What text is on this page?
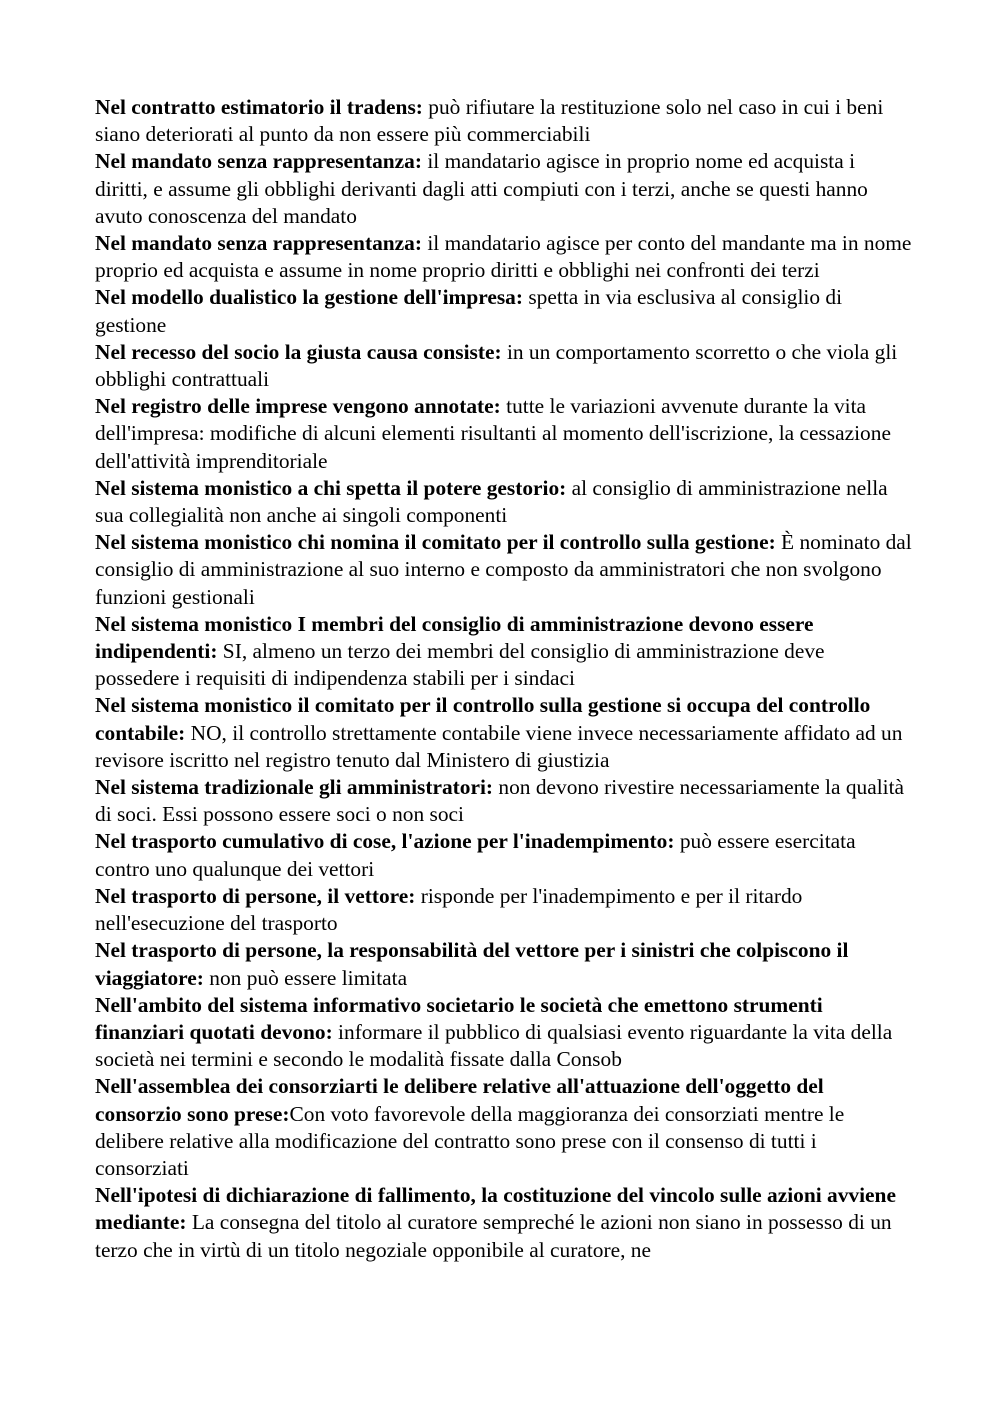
Nel contratto estimatorio il tradens: può rifiutare la restituzione solo nel caso in cui i beni siano deteriorati al punto da non essere più commerciabili

Nel mandato senza rappresentanza: il mandatario agisce in proprio nome ed acquista i diritti, e assume gli obblighi derivanti dagli atti compiuti con i terzi, anche se questi hanno avuto conoscenza del mandato

Nel mandato senza rappresentanza: il mandatario agisce per conto del mandante ma in nome proprio ed acquista e assume in nome proprio diritti e obblighi nei confronti dei terzi

Nel modello dualistico la gestione dell'impresa: spetta in via esclusiva al consiglio di gestione

Nel recesso del socio la giusta causa consiste: in un comportamento scorretto o che viola gli obblighi contrattuali

Nel registro delle imprese vengono annotate: tutte le variazioni avvenute durante la vita dell'impresa: modifiche di alcuni elementi risultanti al momento dell'iscrizione, la cessazione dell'attività imprenditoriale

Nel sistema monistico a chi spetta il potere gestorio: al consiglio di amministrazione nella sua collegialità non anche ai singoli componenti

Nel sistema monistico chi nomina il comitato per il controllo sulla gestione: È nominato dal consiglio di amministrazione al suo interno e composto da amministratori che non svolgono funzioni gestionali

Nel sistema monistico I membri del consiglio di amministrazione devono essere indipendenti: SI, almeno un terzo dei membri del consiglio di amministrazione deve possedere i requisiti di indipendenza stabili per i sindaci

Nel sistema monistico il comitato per il controllo sulla gestione si occupa del controllo contabile: NO, il controllo strettamente contabile viene invece necessariamente affidato ad un revisore iscritto nel registro tenuto dal Ministero di giustizia

Nel sistema tradizionale gli amministratori: non devono rivestire necessariamente la qualità di soci. Essi possono essere soci o non soci

Nel trasporto cumulativo di cose, l'azione per l'inadempimento: può essere esercitata contro uno qualunque dei vettori

Nel trasporto di persone, il vettore: risponde per l'inadempimento e per il ritardo nell'esecuzione del trasporto

Nel trasporto di persone, la responsabilità del vettore per i sinistri che colpiscono il viaggiatore: non può essere limitata

Nell'ambito del sistema informativo societario le società che emettono strumenti finanziari quotati devono: informare il pubblico di qualsiasi evento riguardante la vita della società nei termini e secondo le modalità fissate dalla Consob

Nell'assemblea dei consorziarti le delibere relative all'attuazione dell'oggetto del consorzio sono prese:Con voto favorevole della maggioranza dei consorziati mentre le delibere relative alla modificazione del contratto sono prese con il consenso di tutti i consorziati

Nell'ipotesi di dichiarazione di fallimento, la costituzione del vincolo sulle azioni avviene mediante: La consegna del titolo al curatore sempreché le azioni non siano in possesso di un terzo che in virtù di un titolo negoziale opponibile al curatore, ne
